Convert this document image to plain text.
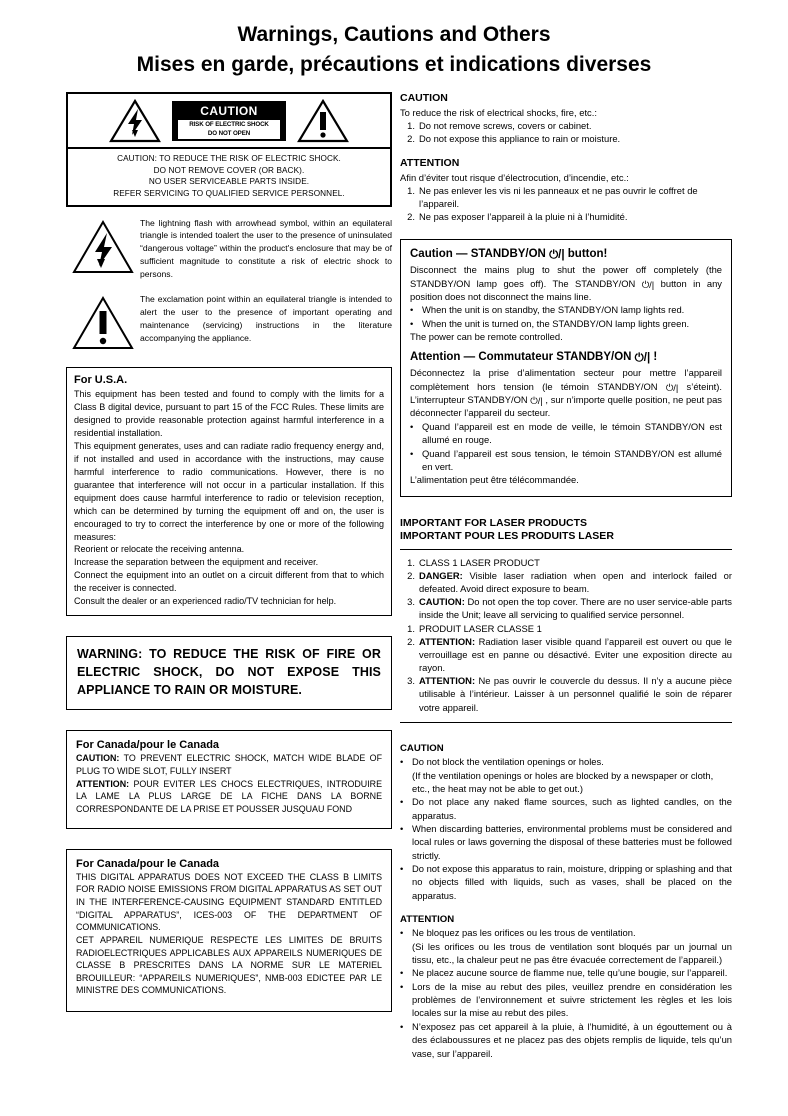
Warnings, Cautions and Others
Mises en garde, précautions et indications diverses
CAUTION
RISK OF ELECTRIC SHOCK
DO NOT OPEN
CAUTION: TO REDUCE THE RISK OF ELECTRIC SHOCK.
DO NOT REMOVE COVER (OR BACK).
NO USER SERVICEABLE PARTS INSIDE.
REFER SERVICING TO QUALIFIED SERVICE PERSONNEL.
The lightning flash with arrowhead symbol, within an equilateral triangle is intended toalert the user to the presence of uninsulated “dangerous voltage” within the product's enclosure that may be of sufficient magnitude to constitute a risk of electric shock to persons.
The exclamation point within an equilateral triangle is intended to alert the user to the presence of important operating and maintenance (servicing) instructions in the literature accompanying the appliance.
For U.S.A.
This equipment has been tested and found to comply with the limits for a Class B digital device, pursuant to part 15 of the FCC Rules. These limits are designed to provide reasonable protection against harmful interference in a residential installation.
This equipment generates, uses and can radiate radio frequency energy and, if not installed and used in accordance with the instructions, may cause harmful interference to radio communications. However, there is no guarantee that interference will not occur in a particular installation. If this equipment does cause harmful interference to radio or television reception, which can be determined by turning the equipment off and on, the user is encouraged to try to correct the interference by one or more of the following measures:
Reorient or relocate the receiving antenna.
Increase the separation between the equipment and receiver.
Connect the equipment into an outlet on a circuit different from that to which the receiver is connected.
Consult the dealer or an experienced radio/TV technician for help.
WARNING: TO REDUCE THE RISK OF FIRE OR ELECTRIC SHOCK, DO NOT EXPOSE THIS APPLIANCE TO RAIN OR MOISTURE.
For Canada/pour le Canada
CAUTION: TO PREVENT ELECTRIC SHOCK, MATCH WIDE BLADE OF PLUG TO WIDE SLOT, FULLY INSERT
ATTENTION: POUR EVITER LES CHOCS ELECTRIQUES, INTRODUIRE LA LAME LA PLUS LARGE DE LA FICHE DANS LA BORNE CORRESPONDANTE DE LA PRISE ET POUSSER JUSQUAU FOND
For Canada/pour le Canada
THIS DIGITAL APPARATUS DOES NOT EXCEED THE CLASS B LIMITS FOR RADIO NOISE EMISSIONS FROM DIGITAL APPARATUS AS SET OUT IN THE INTERFERENCE-CAUSING EQUIPMENT STANDARD ENTITLED “DIGITAL APPARATUS”, ICES-003 OF THE DEPARTMENT OF COMMUNICATIONS.
CET APPAREIL NUMERIQUE RESPECTE LES LIMITES DE BRUITS RADIOELECTRIQUES APPLICABLES AUX APPAREILS NUMERIQUES DE CLASSE B PRESCRITES DANS LA NORME SUR LE MATERIEL BROUILLEUR: “APPAREILS NUMERIQUES”, NMB-003 EDICTEE PAR LE MINISTRE DES COMMUNICATIONS.
CAUTION
To reduce the risk of electrical shocks, fire, etc.:
1. Do not remove screws, covers or cabinet.
2. Do not expose this appliance to rain or moisture.
ATTENTION
Afin d’éviter tout risque d’électrocution, d’incendie, etc.:
1. Ne pas enlever les vis ni les panneaux et ne pas ouvrir le coffret de l’appareil.
2. Ne pas exposer l’appareil à la pluie ni à l’humidité.
Caution — STANDBY/ON ⏻/| button!
Disconnect the mains plug to shut the power off completely (the STANDBY/ON lamp goes off). The STANDBY/ON ⏻/| button in any position does not disconnect the mains line.
• When the unit is on standby, the STANDBY/ON lamp lights red.
• When the unit is turned on, the STANDBY/ON lamp lights green.
The power can be remote controlled.
Attention — Commutateur STANDBY/ON ⏻/| !
Déconnectez la prise d’alimentation secteur pour mettre l’appareil complètement hors tension (le témoin STANDBY/ON ⏻/| s’éteint). L’interrupteur STANDBY/ON ⏻/| , sur n’importe quelle position, ne peut pas déconnecter l’appareil du secteur.
• Quand l’appareil est en mode de veille, le témoin STANDBY/ON est allumé en rouge.
• Quand l’appareil est sous tension, le témoin STANDBY/ON est allumé en vert.
L’alimentation peut être télécommandée.
IMPORTANT FOR LASER PRODUCTS
IMPORTANT POUR LES PRODUITS LASER
1. CLASS 1 LASER PRODUCT
2. DANGER: Visible laser radiation when open and interlock failed or defeated. Avoid direct exposure to beam.
3. CAUTION: Do not open the top cover. There are no user service-able parts inside the Unit; leave all servicing to qualified service personnel.
1. PRODUIT LASER CLASSE 1
2. ATTENTION: Radiation laser visible quand l’appareil est ouvert ou que le verrouillage est en panne ou désactivé. Eviter une exposition directe au rayon.
3. ATTENTION: Ne pas ouvrir le couvercle du dessus. Il n’y a aucune pièce utilisable à l’intérieur. Laisser à un personnel qualifié le soin de réparer votre appareil.
CAUTION
• Do not block the ventilation openings or holes.
(If the ventilation openings or holes are blocked by a newspaper or cloth, etc., the heat may not be able to get out.)
• Do not place any naked flame sources, such as lighted candles, on the apparatus.
• When discarding batteries, environmental problems must be considered and local rules or laws governing the disposal of these batteries must be followed strictly.
• Do not expose this apparatus to rain, moisture, dripping or splashing and that no objects filled with liquids, such as vases, shall be placed on the apparatus.
ATTENTION
• Ne bloquez pas les orifices ou les trous de ventilation.
(Si les orifices ou les trous de ventilation sont bloqués par un journal un tissu, etc., la chaleur peut ne pas être évacuée correctement de l’appareil.)
• Ne placez aucune source de flamme nue, telle qu’une bougie, sur l’appareil.
• Lors de la mise au rebut des piles, veuillez prendre en considération les problèmes de l’environnement et suivre strictement les règles et les lois locales sur la mise au rebut des piles.
• N’exposez pas cet appareil à la pluie, à l’humidité, à un égouttement ou à des éclaboussures et ne placez pas des objets remplis de liquide, tels qu’un vase, sur l’appareil.
